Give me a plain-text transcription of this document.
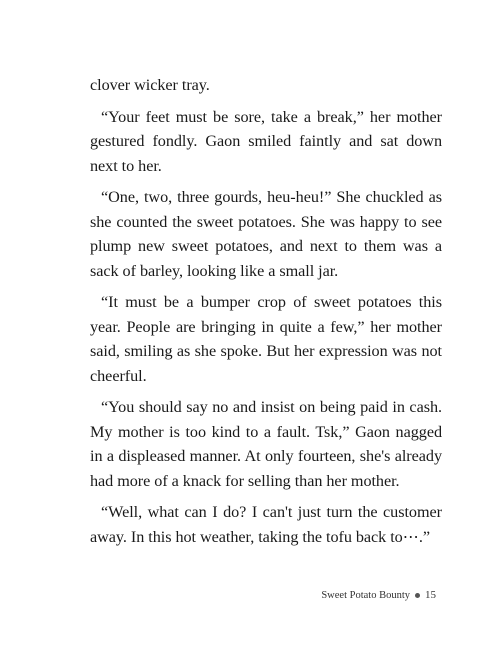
clover wicker tray.

“Your feet must be sore, take a break,” her mother gestured fondly. Gaon smiled faintly and sat down next to her.

“One, two, three gourds, heu-heu!” She chuckled as she counted the sweet potatoes. She was happy to see plump new sweet potatoes, and next to them was a sack of barley, looking like a small jar.

“It must be a bumper crop of sweet potatoes this year. People are bringing in quite a few,” her mother said, smiling as she spoke. But her expression was not cheerful.

“You should say no and insist on being paid in cash. My mother is too kind to a fault. Tsk,” Gaon nagged in a displeased manner. At only fourteen, she's already had more of a knack for selling than her mother.

“Well, what can I do? I can't just turn the customer away. In this hot weather, taking the tofu back to⋯.”

Sweet Potato Bounty 15
